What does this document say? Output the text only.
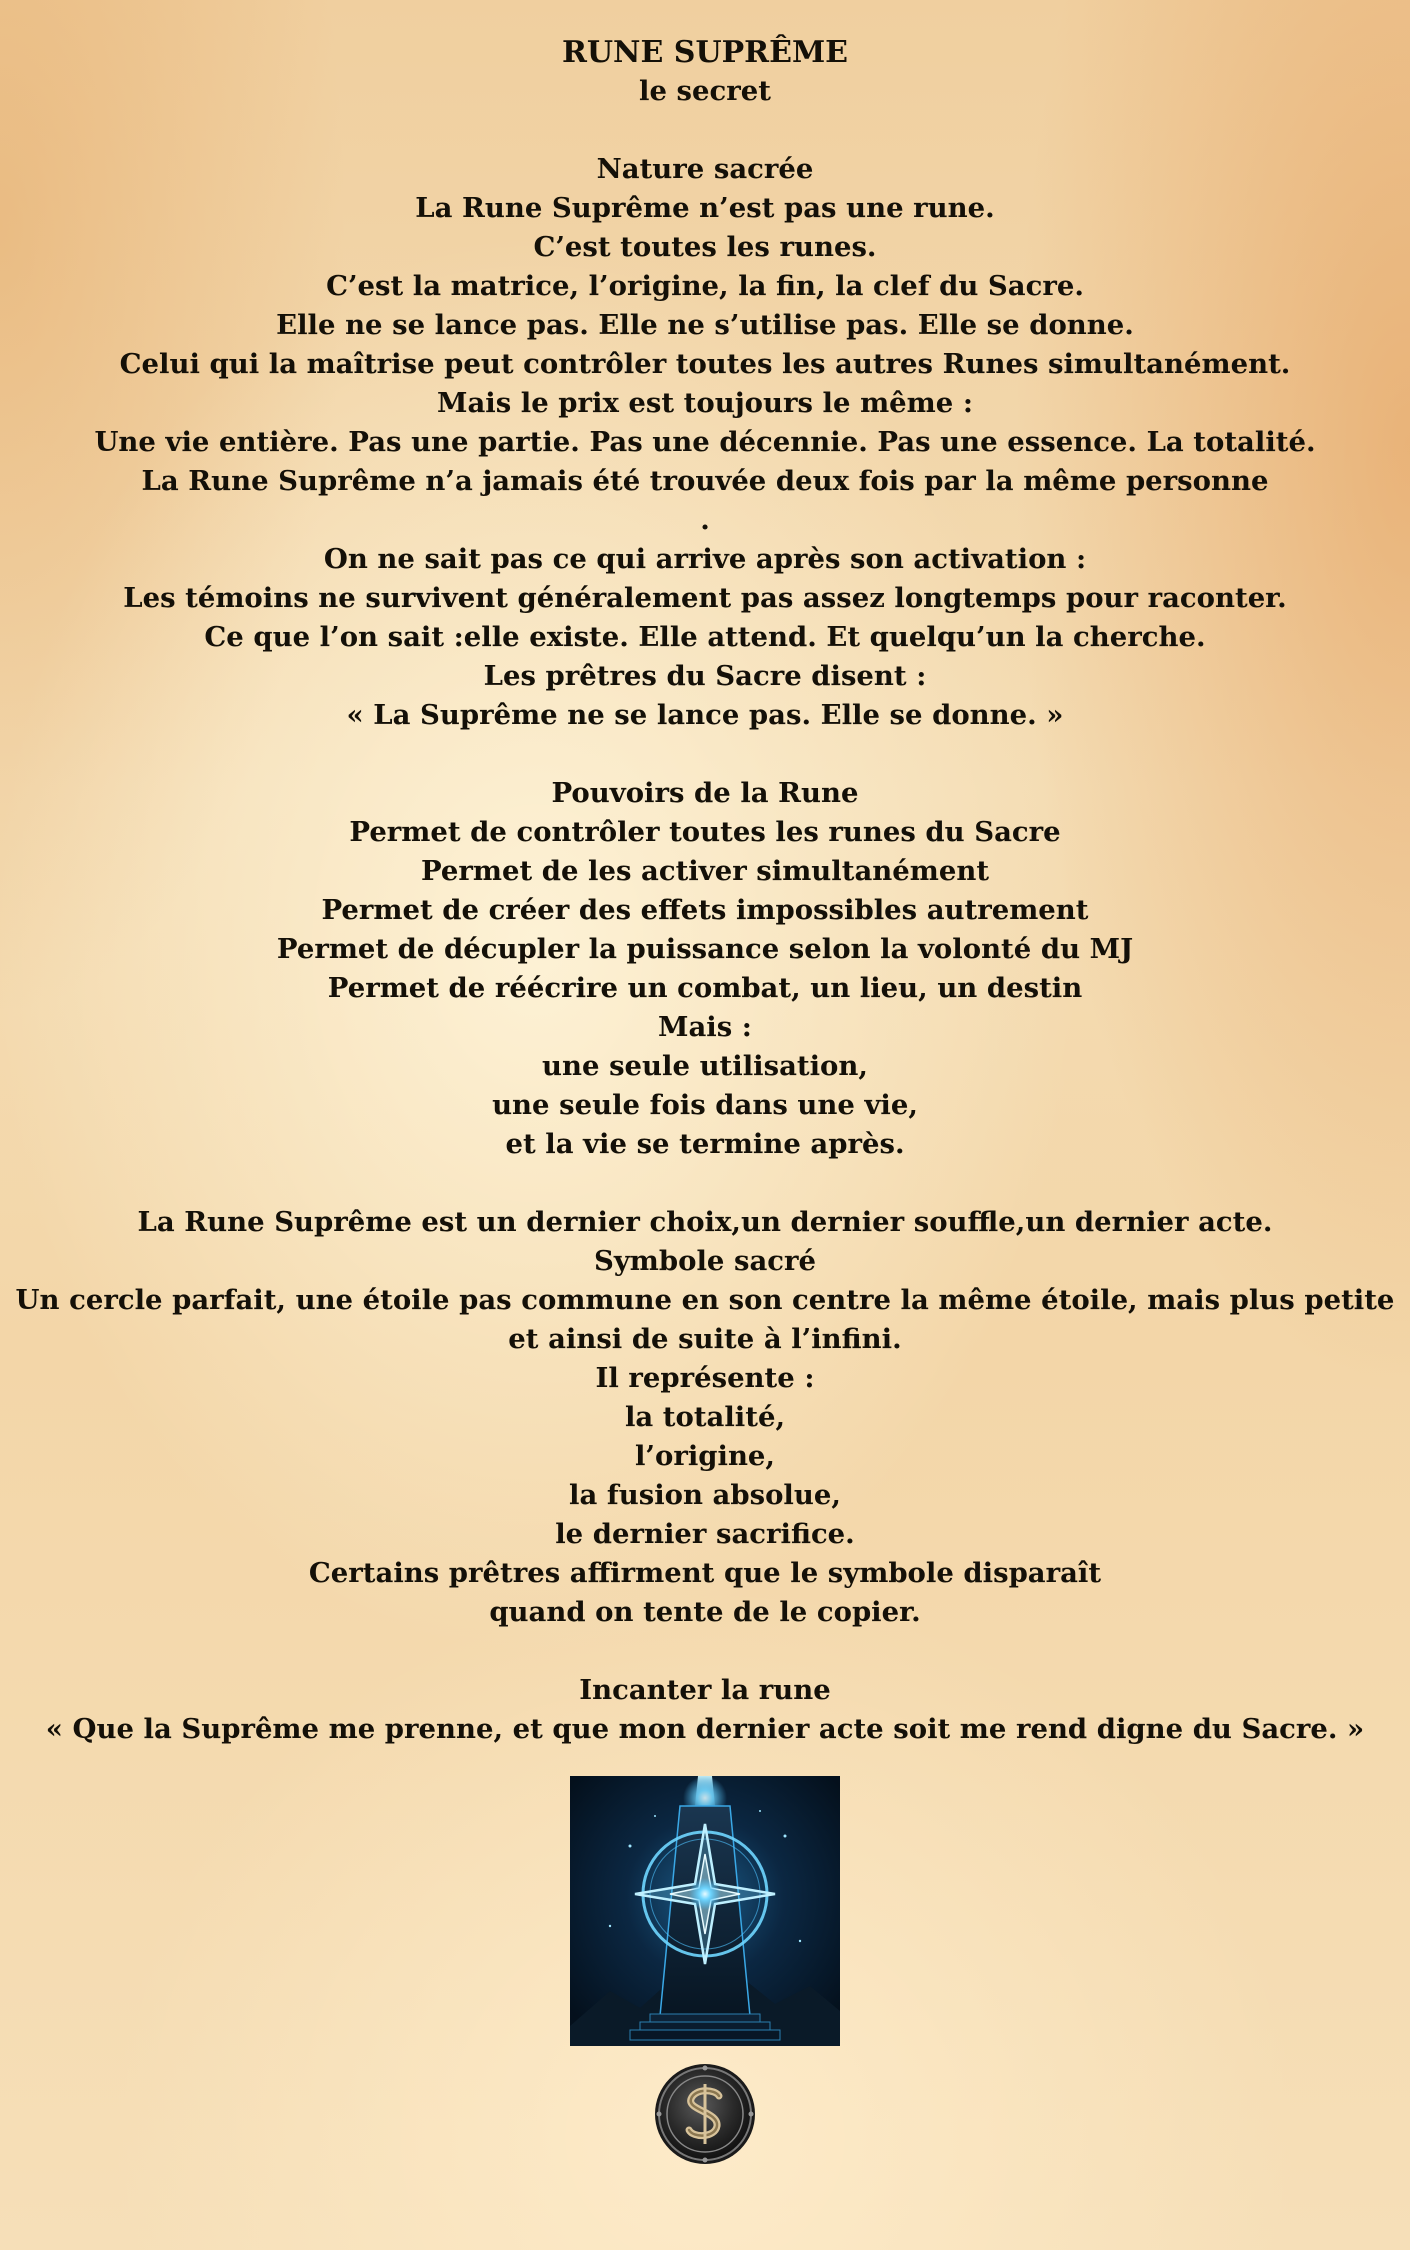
RUNE SUPRÊME
le secret
Nature sacrée
La Rune Suprême n’est pas une rune.
C’est toutes les runes.
C’est la matrice, l’origine, la fin, la clef du Sacre.
Elle ne se lance pas. Elle ne s’utilise pas. Elle se donne.
Celui qui la maîtrise peut contrôler toutes les autres Runes simultanément.
Mais le prix est toujours le même :
Une vie entière. Pas une partie. Pas une décennie. Pas une essence. La totalité.
La Rune Suprême n’a jamais été trouvée deux fois par la même personne
.
On ne sait pas ce qui arrive après son activation :
Les témoins ne survivent généralement pas assez longtemps pour raconter.
Ce que l’on sait :elle existe. Elle attend. Et quelqu’un la cherche.
Les prêtres du Sacre disent :
« La Suprême ne se lance pas. Elle se donne. »
Pouvoirs de la Rune
Permet de contrôler toutes les runes du Sacre
Permet de les activer simultanément
Permet de créer des effets impossibles autrement
Permet de décupler la puissance selon la volonté du MJ
Permet de réécrire un combat, un lieu, un destin
Mais :
une seule utilisation,
une seule fois dans une vie,
et la vie se termine après.
La Rune Suprême est un dernier choix,un dernier souffle,un dernier acte.
Symbole sacré
Un cercle parfait, une étoile pas commune en son centre la même étoile, mais plus petite et ainsi de suite à l’infini.
Il représente :
la totalité,
l’origine,
la fusion absolue,
le dernier sacrifice.
Certains prêtres affirment que le symbole disparaît
quand on tente de le copier.
Incanter la rune
« Que la Suprême me prenne, et que mon dernier acte soit me rend digne du Sacre. »
